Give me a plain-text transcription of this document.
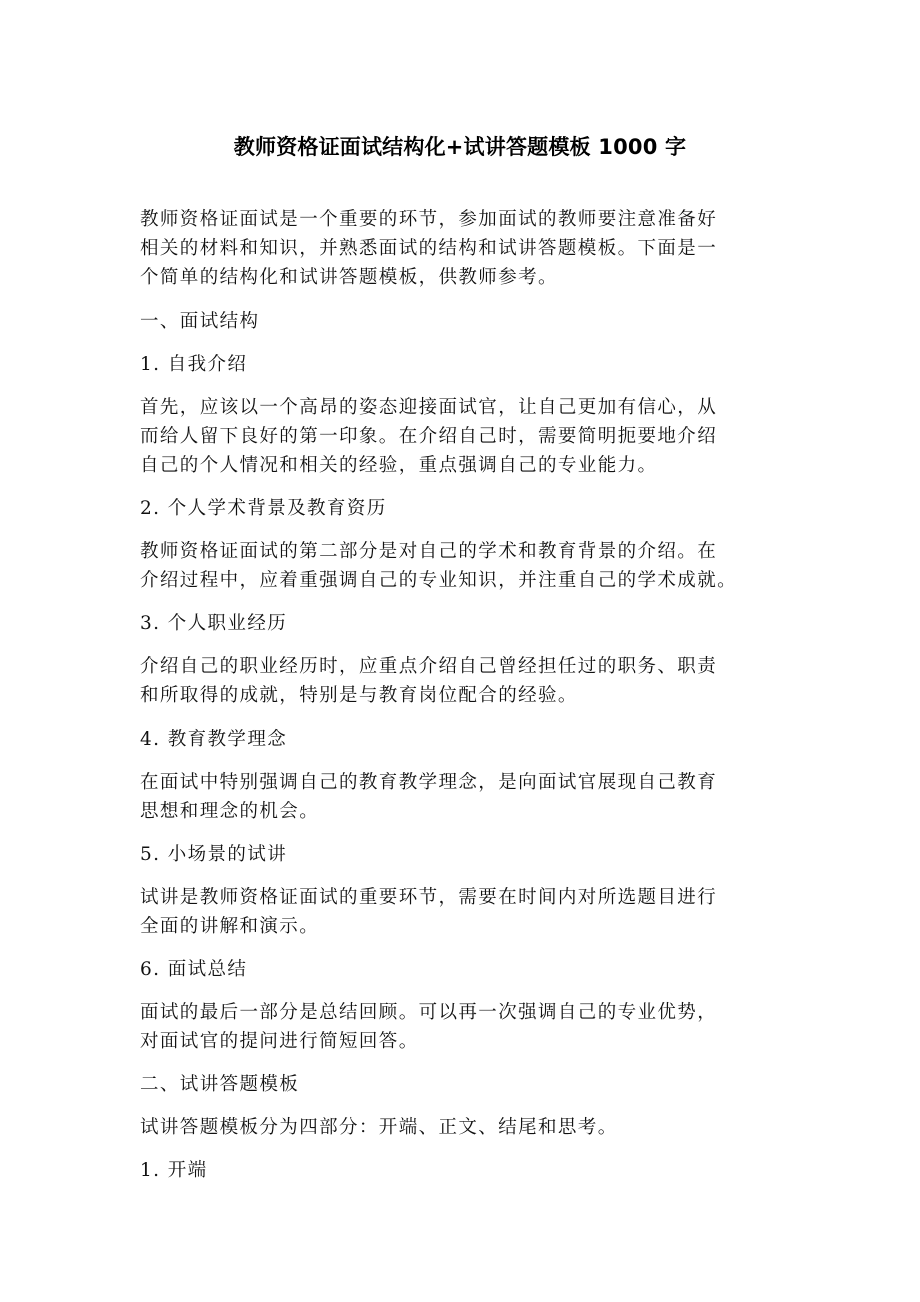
教师资格证面试结构化+试讲答题模板 1000 字
教师资格证面试是一个重要的环节，参加面试的教师要注意准备好
相关的材料和知识，并熟悉面试的结构和试讲答题模板。下面是一
个简单的结构化和试讲答题模板，供教师参考。
一、面试结构
1. 自我介绍
首先，应该以一个高昂的姿态迎接面试官，让自己更加有信心，从
而给人留下良好的第一印象。在介绍自己时，需要简明扼要地介绍
自己的个人情况和相关的经验，重点强调自己的专业能力。
2. 个人学术背景及教育资历
教师资格证面试的第二部分是对自己的学术和教育背景的介绍。在
介绍过程中，应着重强调自己的专业知识，并注重自己的学术成就。
3. 个人职业经历
介绍自己的职业经历时，应重点介绍自己曾经担任过的职务、职责
和所取得的成就，特别是与教育岗位配合的经验。
4. 教育教学理念
在面试中特别强调自己的教育教学理念，是向面试官展现自己教育
思想和理念的机会。
5. 小场景的试讲
试讲是教师资格证面试的重要环节，需要在时间内对所选题目进行
全面的讲解和演示。
6. 面试总结
面试的最后一部分是总结回顾。可以再一次强调自己的专业优势，
对面试官的提问进行简短回答。
二、试讲答题模板
试讲答题模板分为四部分：开端、正文、结尾和思考。
1. 开端
